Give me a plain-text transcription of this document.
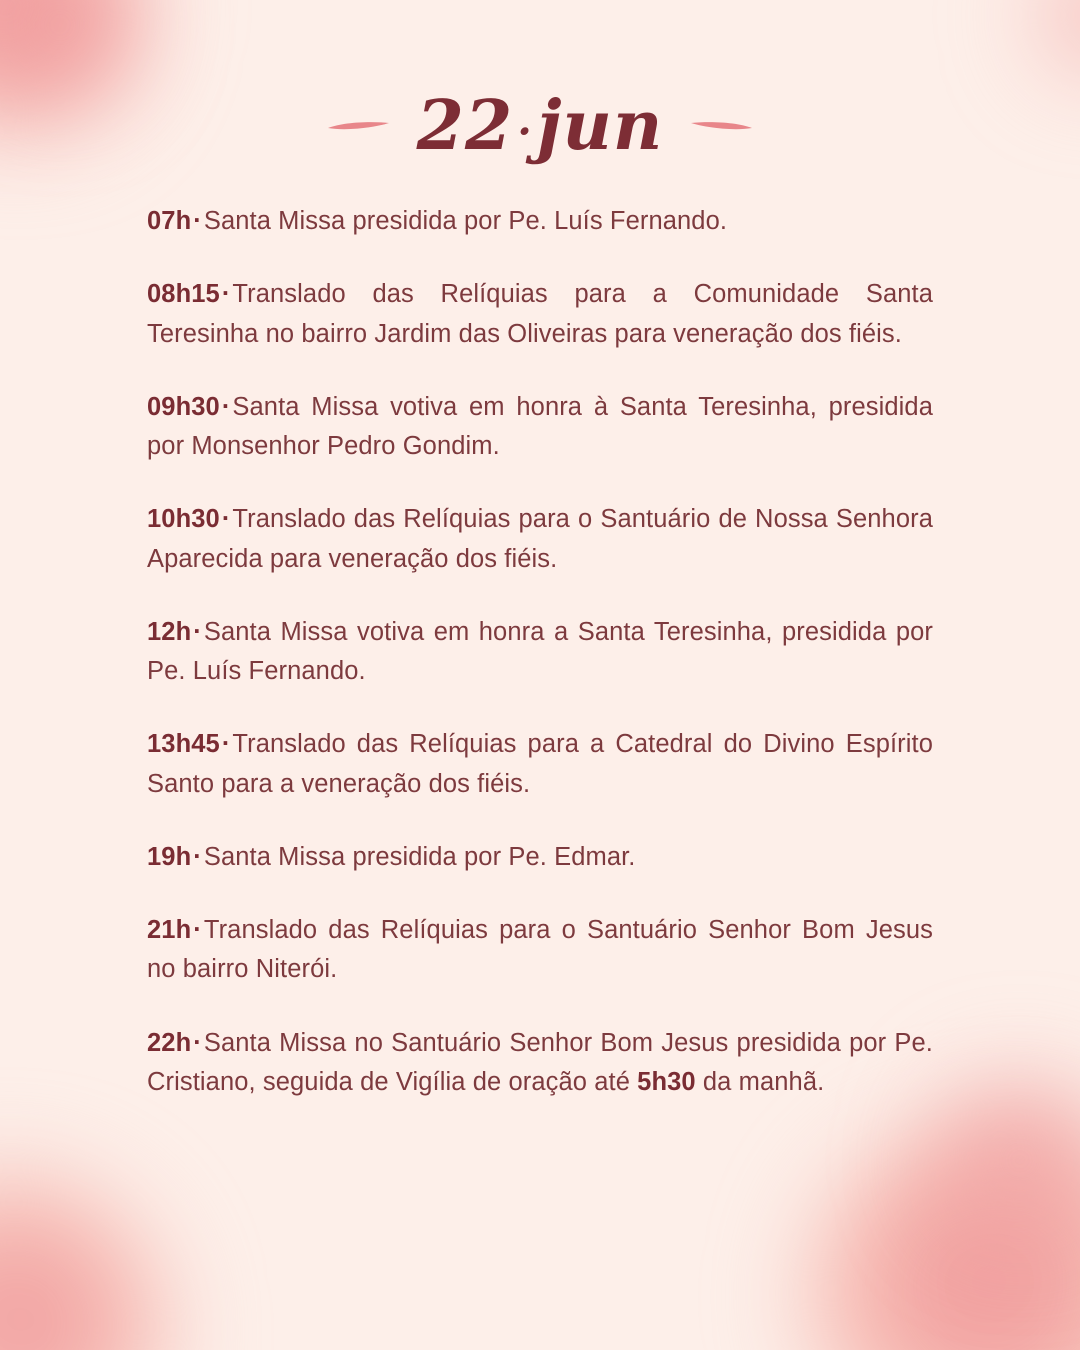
22·jun

07h·Santa Missa presidida por Pe. Luís Fernando.

08h15·Translado das Relíquias para a Comunidade Santa Teresinha no bairro Jardim das Oliveiras para veneração dos fiéis.

09h30·Santa Missa votiva em honra à Santa Teresinha, presidida por Monsenhor Pedro Gondim.

10h30·Translado das Relíquias para o Santuário de Nossa Senhora Aparecida para veneração dos fiéis.

12h·Santa Missa votiva em honra a Santa Teresinha, presidida por Pe. Luís Fernando.

13h45·Translado das Relíquias para a Catedral do Divino Espírito Santo para a veneração dos fiéis.

19h·Santa Missa presidida por Pe. Edmar.

21h·Translado das Relíquias para o Santuário Senhor Bom Jesus no bairro Niterói.

22h·Santa Missa no Santuário Senhor Bom Jesus presidida por Pe. Cristiano, seguida de Vigília de oração até 5h30 da manhã.
